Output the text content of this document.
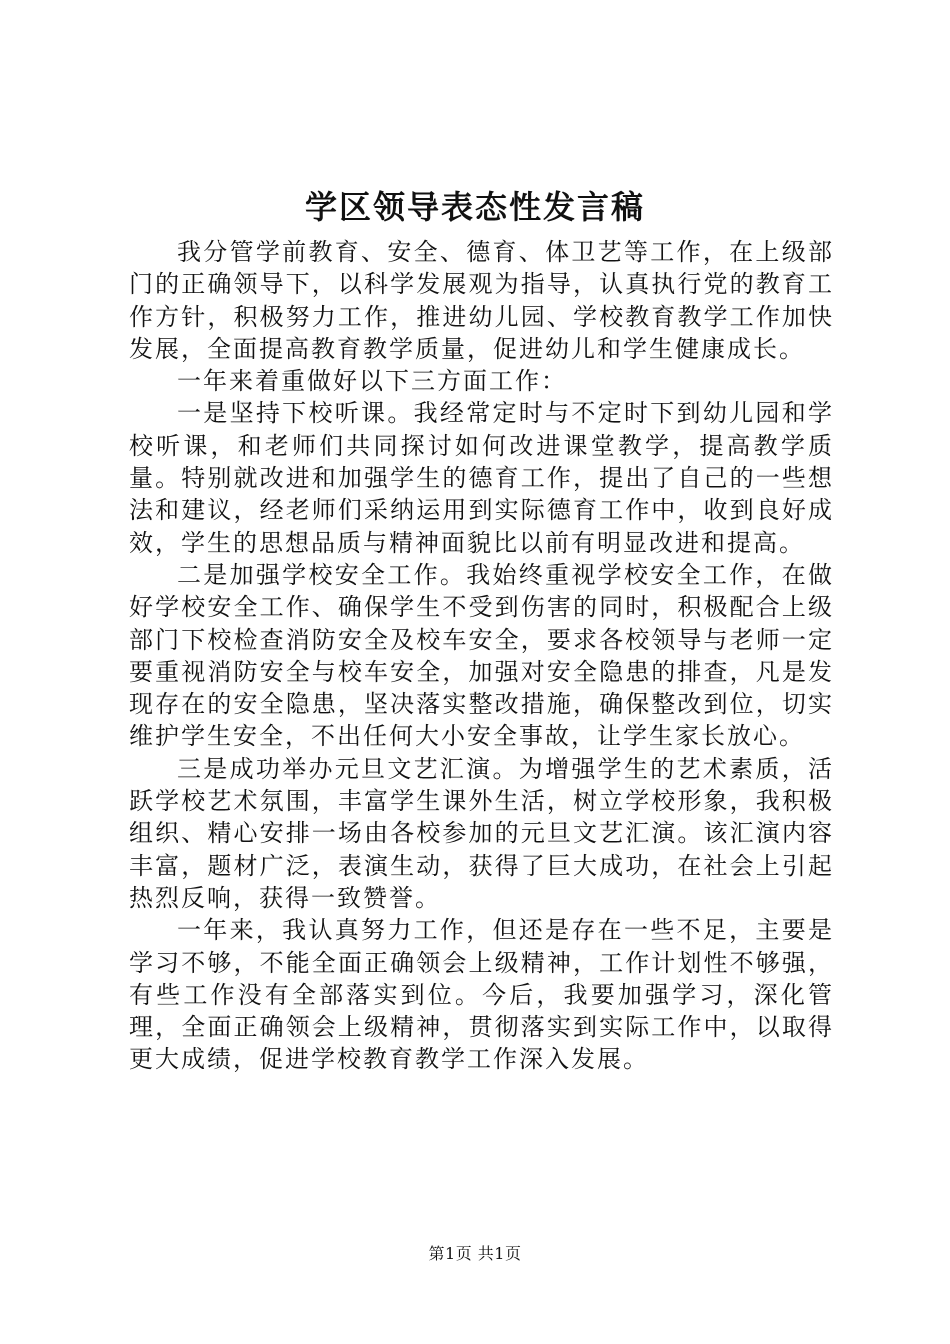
学区领导表态性发言稿

我分管学前教育、安全、德育、体卫艺等工作，在上级部门的正确领导下，以科学发展观为指导，认真执行党的教育工作方针，积极努力工作，推进幼儿园、学校教育教学工作加快发展，全面提高教育教学质量，促进幼儿和学生健康成长。

一年来着重做好以下三方面工作：

一是坚持下校听课。我经常定时与不定时下到幼儿园和学校听课，和老师们共同探讨如何改进课堂教学，提高教学质量。特别就改进和加强学生的德育工作，提出了自己的一些想法和建议，经老师们采纳运用到实际德育工作中，收到良好成效，学生的思想品质与精神面貌比以前有明显改进和提高。

二是加强学校安全工作。我始终重视学校安全工作，在做好学校安全工作、确保学生不受到伤害的同时，积极配合上级部门下校检查消防安全及校车安全，要求各校领导与老师一定要重视消防安全与校车安全，加强对安全隐患的排查，凡是发现存在的安全隐患，坚决落实整改措施，确保整改到位，切实维护学生安全，不出任何大小安全事故，让学生家长放心。

三是成功举办元旦文艺汇演。为增强学生的艺术素质，活跃学校艺术氛围，丰富学生课外生活，树立学校形象，我积极组织、精心安排一场由各校参加的元旦文艺汇演。该汇演内容丰富，题材广泛，表演生动，获得了巨大成功，在社会上引起热烈反响，获得一致赞誉。

一年来，我认真努力工作，但还是存在一些不足，主要是学习不够，不能全面正确领会上级精神，工作计划性不够强，有些工作没有全部落实到位。今后，我要加强学习，深化管理，全面正确领会上级精神，贯彻落实到实际工作中，以取得更大成绩，促进学校教育教学工作深入发展。

第1页 共1页
